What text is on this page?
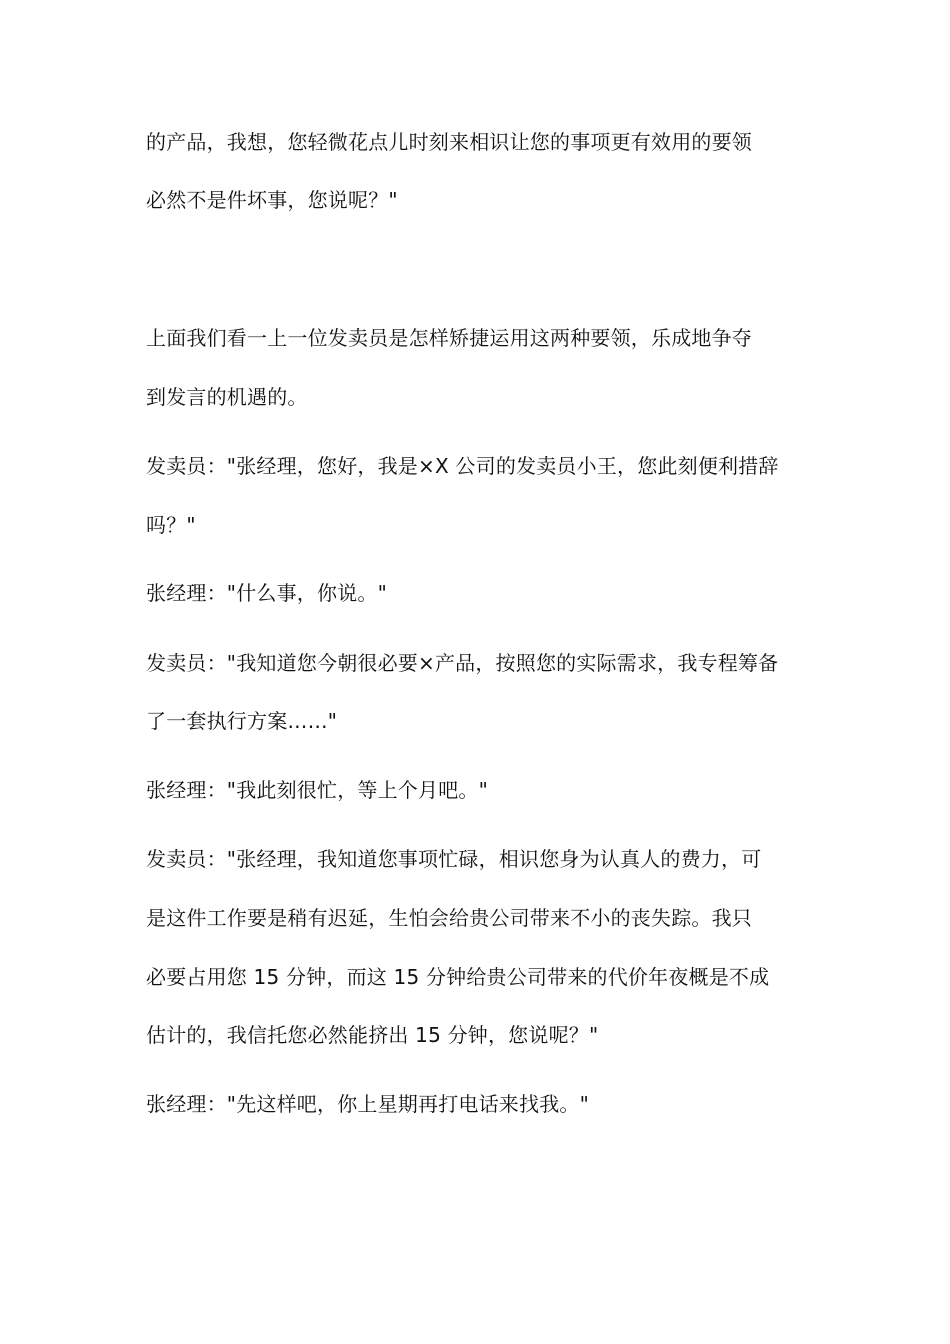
的产品，我想，您轻微花点儿时刻来相识让您的事项更有效用的要领
必然不是件坏事，您说呢？"
上面我们看一上一位发卖员是怎样矫捷运用这两种要领，乐成地争夺
到发言的机遇的。
发卖员："张经理，您好，我是×X 公司的发卖员小王，您此刻便利措辞
吗？"
张经理："什么事，你说。"
发卖员："我知道您今朝很必要×产品，按照您的实际需求，我专程筹备
了一套执行方案……"
张经理："我此刻很忙，等上个月吧。"
发卖员："张经理，我知道您事项忙碌，相识您身为认真人的费力，可
是这件工作要是稍有迟延，生怕会给贵公司带来不小的丧失踪。我只
必要占用您 15 分钟，而这 15 分钟给贵公司带来的代价年夜概是不成
估计的，我信托您必然能挤出 15 分钟，您说呢？"
张经理："先这样吧，你上星期再打电话来找我。"
